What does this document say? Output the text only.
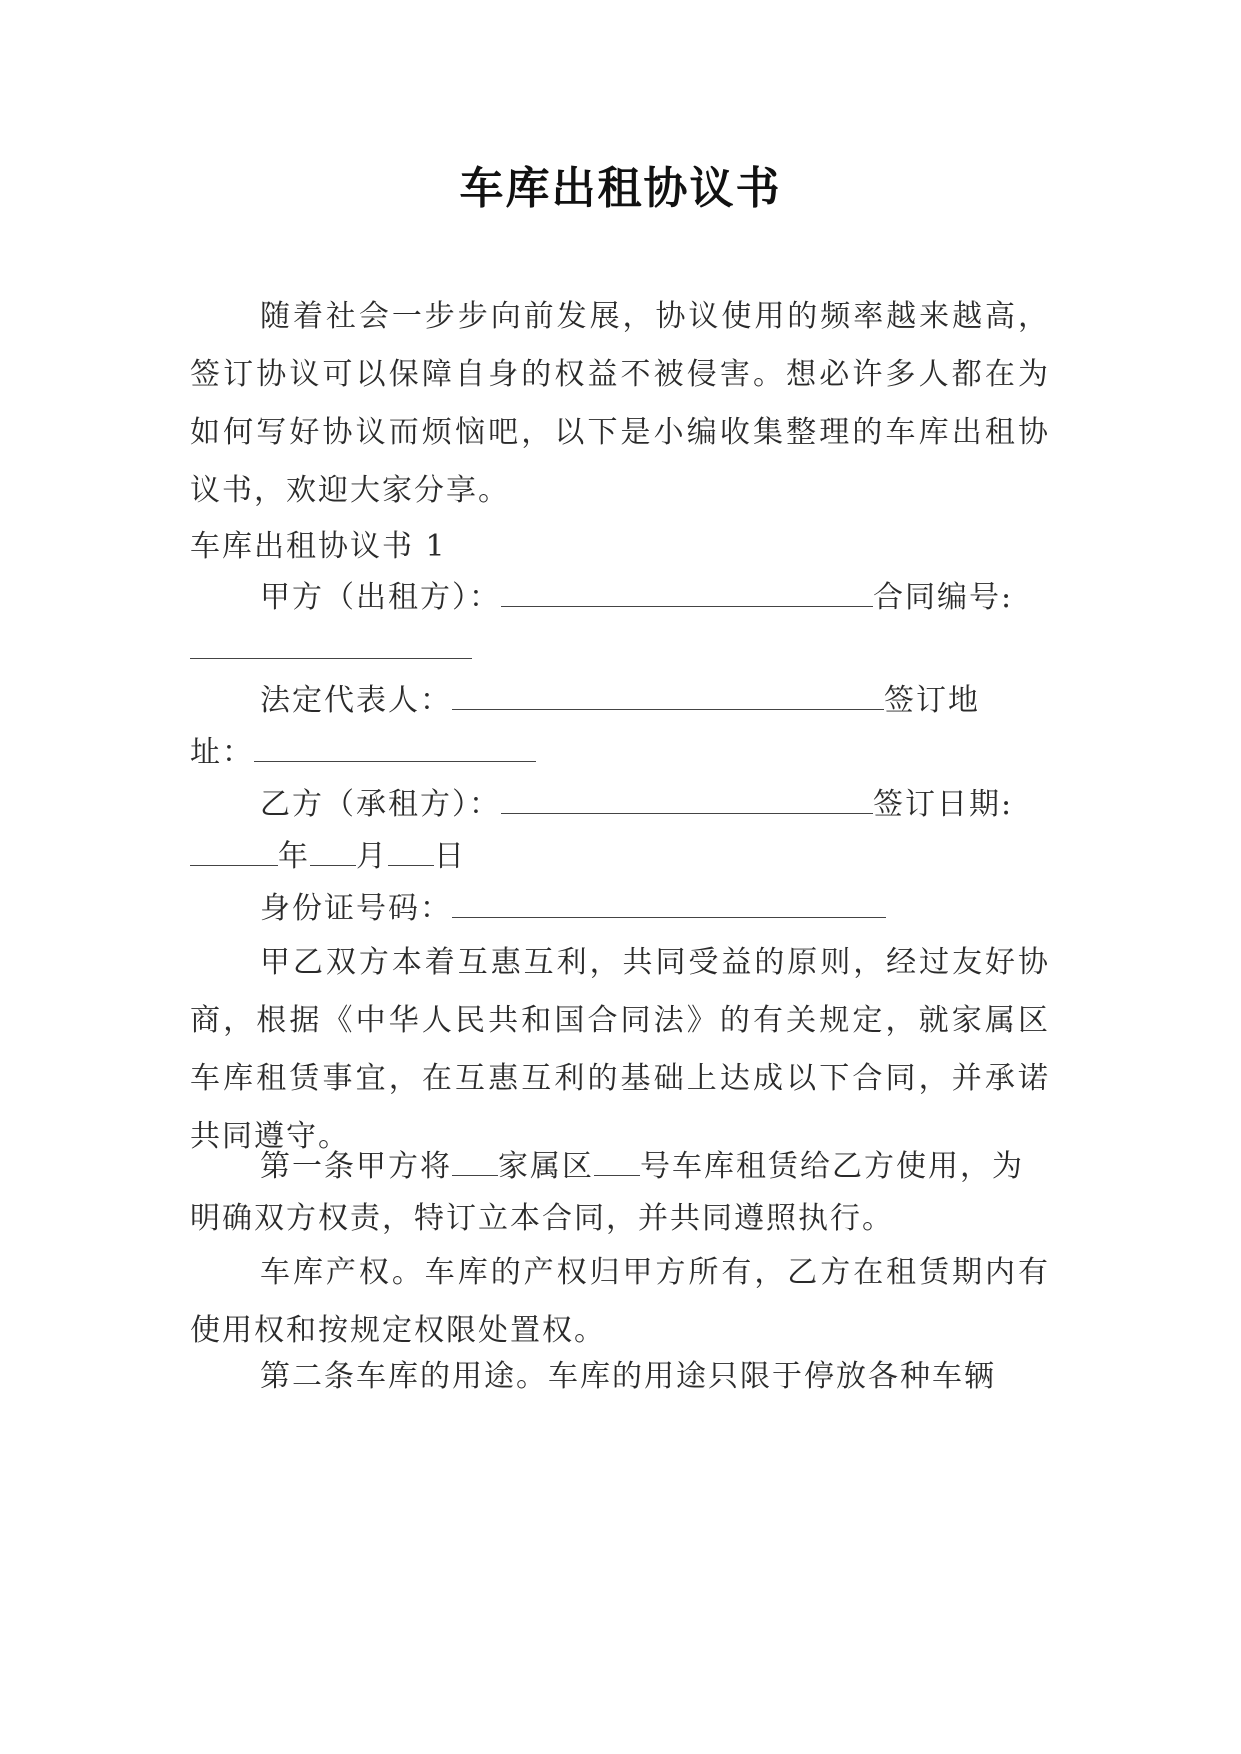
车库出租协议书

随着社会一步步向前发展，协议使用的频率越来越高，签订协议可以保障自身的权益不被侵害。想必许多人都在为如何写好协议而烦恼吧，以下是小编收集整理的车库出租协议书，欢迎大家分享。

车库出租协议书 1
甲方（出租方）：	合同编号:
法定代表人：	签订地
址：
乙方（承租方）：	签订日期:
年 月 日
身份证号码：

甲乙双方本着互惠互利，共同受益的原则，经过友好协商，根据《中华人民共和国合同法》的有关规定，就家属区车库租赁事宜，在互惠互利的基础上达成以下合同，并承诺共同遵守。

第一条甲方将 家属区 号车库租赁给乙方使用，为
明确双方权责，特订立本合同，并共同遵照执行。

车库产权。车库的产权归甲方所有，乙方在租赁期内有使用权和按规定权限处置权。

第二条车库的用途。车库的用途只限于停放各种车辆
